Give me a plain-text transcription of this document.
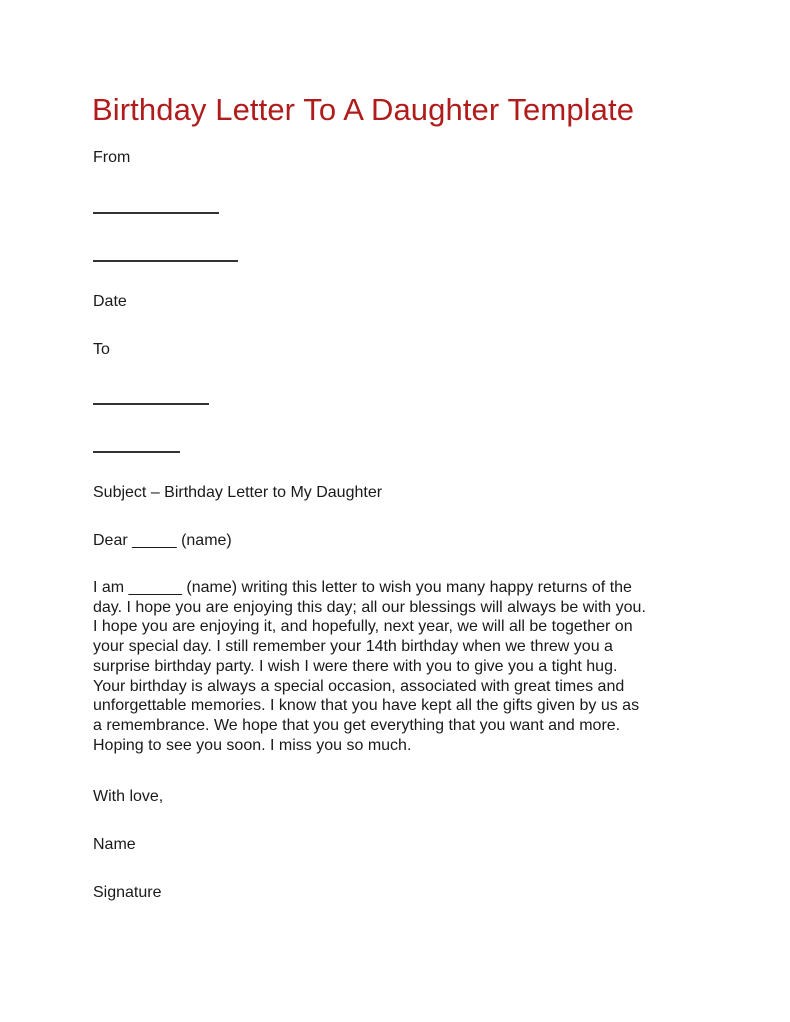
Birthday Letter To A Daughter Template
From
Date
To
Subject – Birthday Letter to My Daughter
Dear _____ (name)
I am ______ (name) writing this letter to wish you many happy returns of the
day. I hope you are enjoying this day; all our blessings will always be with you.
I hope you are enjoying it, and hopefully, next year, we will all be together on
your special day. I still remember your 14th birthday when we threw you a
surprise birthday party. I wish I were there with you to give you a tight hug.
Your birthday is always a special occasion, associated with great times and
unforgettable memories. I know that you have kept all the gifts given by us as
a remembrance. We hope that you get everything that you want and more.
Hoping to see you soon. I miss you so much.
With love,
Name
Signature
